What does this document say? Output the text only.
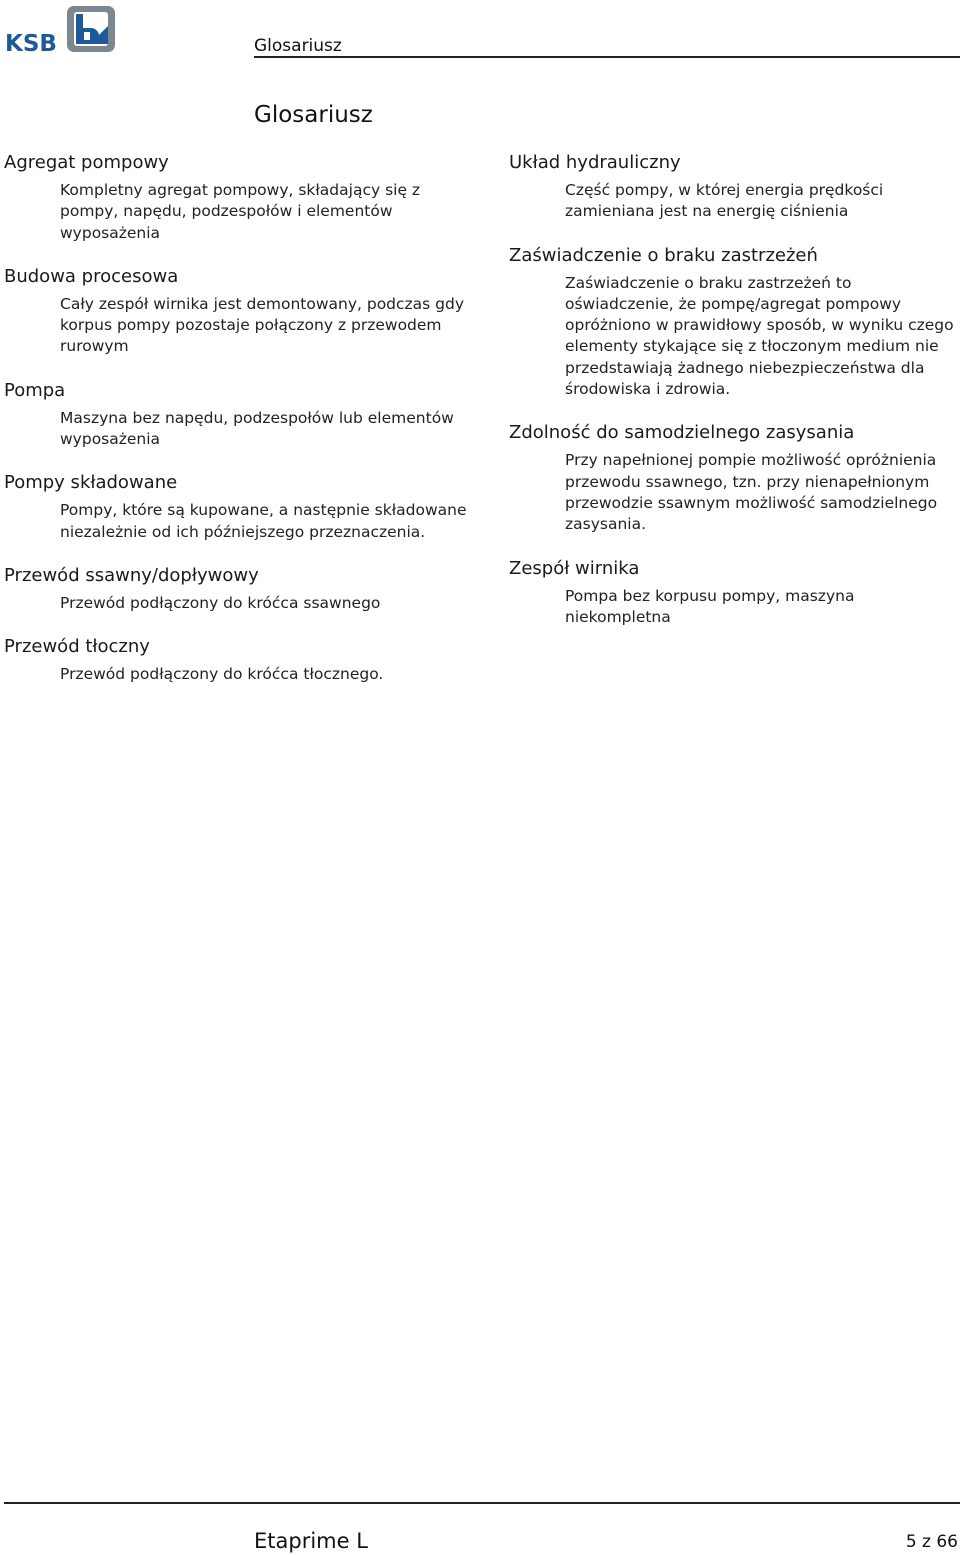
KSB	Glosariusz
Glosariusz
Agregat pompowy

Kompletny agregat pompowy, składający się z pompy, napędu, podzespołów i elementów wyposażenia

Budowa procesowa

Cały zespół wirnika jest demontowany, podczas gdy korpus pompy pozostaje połączony z przewodem rurowym

Pompa

Maszyna bez napędu, podzespołów lub elementów wyposażenia

Pompy składowane

Pompy, które są kupowane, a następnie składowane niezależnie od ich późniejszego przeznaczenia.

Przewód ssawny/dopływowy

Przewód podłączony do króćca ssawnego

Przewód tłoczny

Przewód podłączony do króćca tłocznego.

Układ hydrauliczny

Część pompy, w której energia prędkości zamieniana jest na energię ciśnienia

Zaświadczenie o braku zastrzeżeń

Zaświadczenie o braku zastrzeżeń to oświadczenie, że pompę/agregat pompowy opróżniono w prawidłowy sposób, w wyniku czego elementy stykające się z tłoczonym medium nie przedstawiają żadnego niebezpieczeństwa dla środowiska i zdrowia.

Zdolność do samodzielnego zasysania

Przy napełnionej pompie możliwość opróżnienia przewodu ssawnego, tzn. przy nienapełnionym przewodzie ssawnym możliwość samodzielnego zasysania.

Zespół wirnika

Pompa bez korpusu pompy, maszyna niekompletna

Etaprime L	5 z 66
